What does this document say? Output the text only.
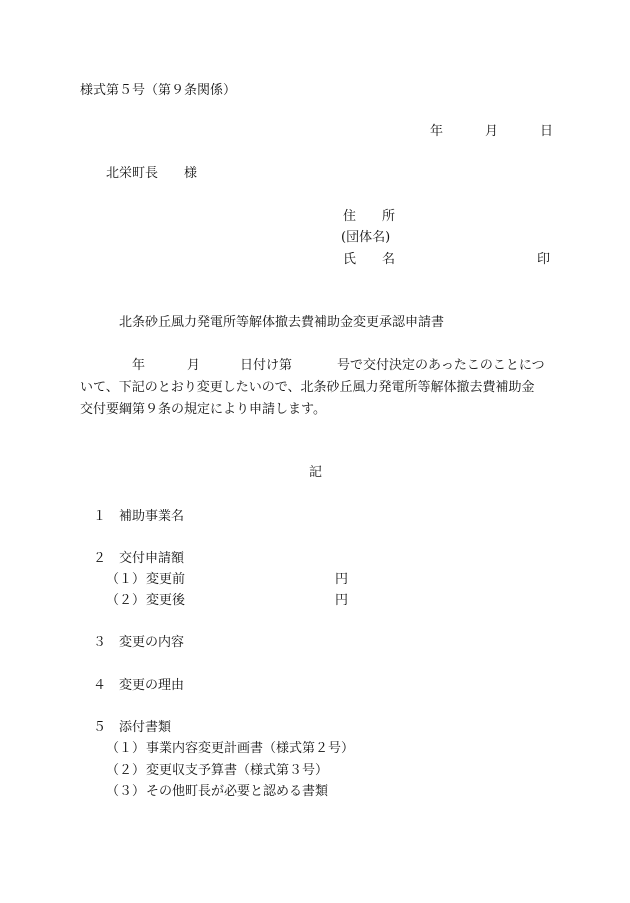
様式第５号（第９条関係）
年	月	日
北栄町長　　様
住　　所
(団体名)
氏　　名	印
北条砂丘風力発電所等解体撤去費補助金変更承認申請書
年	月	日付け第	号で交付決定のあったこのことにつ
いて、下記のとおり変更したいので、北条砂丘風力発電所等解体撤去費補助金
交付要綱第９条の規定により申請します。
記
１ 補助事業名
２ 交付申請額
（１） 変更前	円
（２） 変更後	円
３ 変更の内容
４ 変更の理由
５ 添付書類
（１） 事業内容変更計画書（様式第２号）
（２） 変更収支予算書（様式第３号）
（３） その他町長が必要と認める書類
